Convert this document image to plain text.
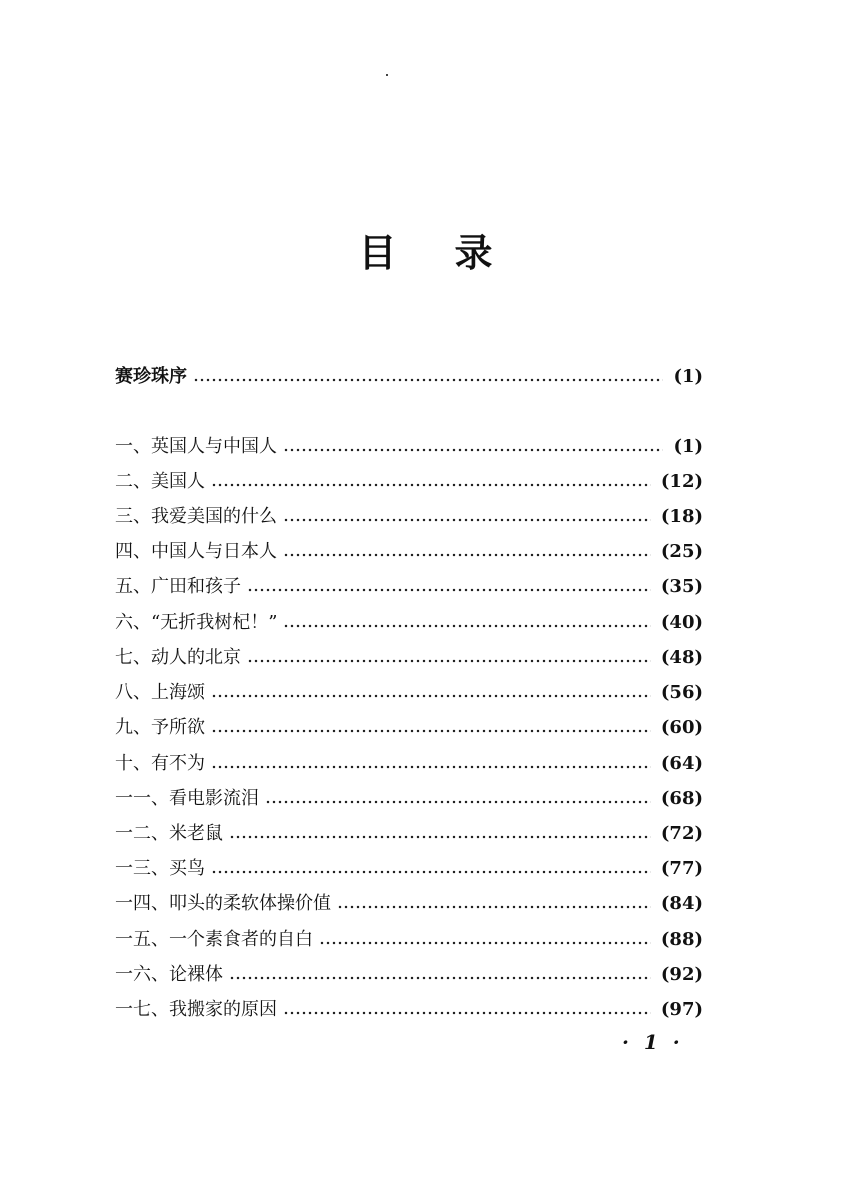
目录
赛珍珠序	(1)
一、英国人与中国人	(1)
二、美国人	(12)
三、我爱美国的什么	(18)
四、中国人与日本人	(25)
五、广田和孩子	(35)
六、“无折我树杞！”	(40)
七、动人的北京	(48)
八、上海颂	(56)
九、予所欲	(60)
十、有不为	(64)
一一、看电影流泪	(68)
一二、米老鼠	(72)
一三、买鸟	(77)
一四、叩头的柔软体操价值	(84)
一五、一个素食者的自白	(88)
一六、论裸体	(92)
一七、我搬家的原因	(97)
· 1 ·
